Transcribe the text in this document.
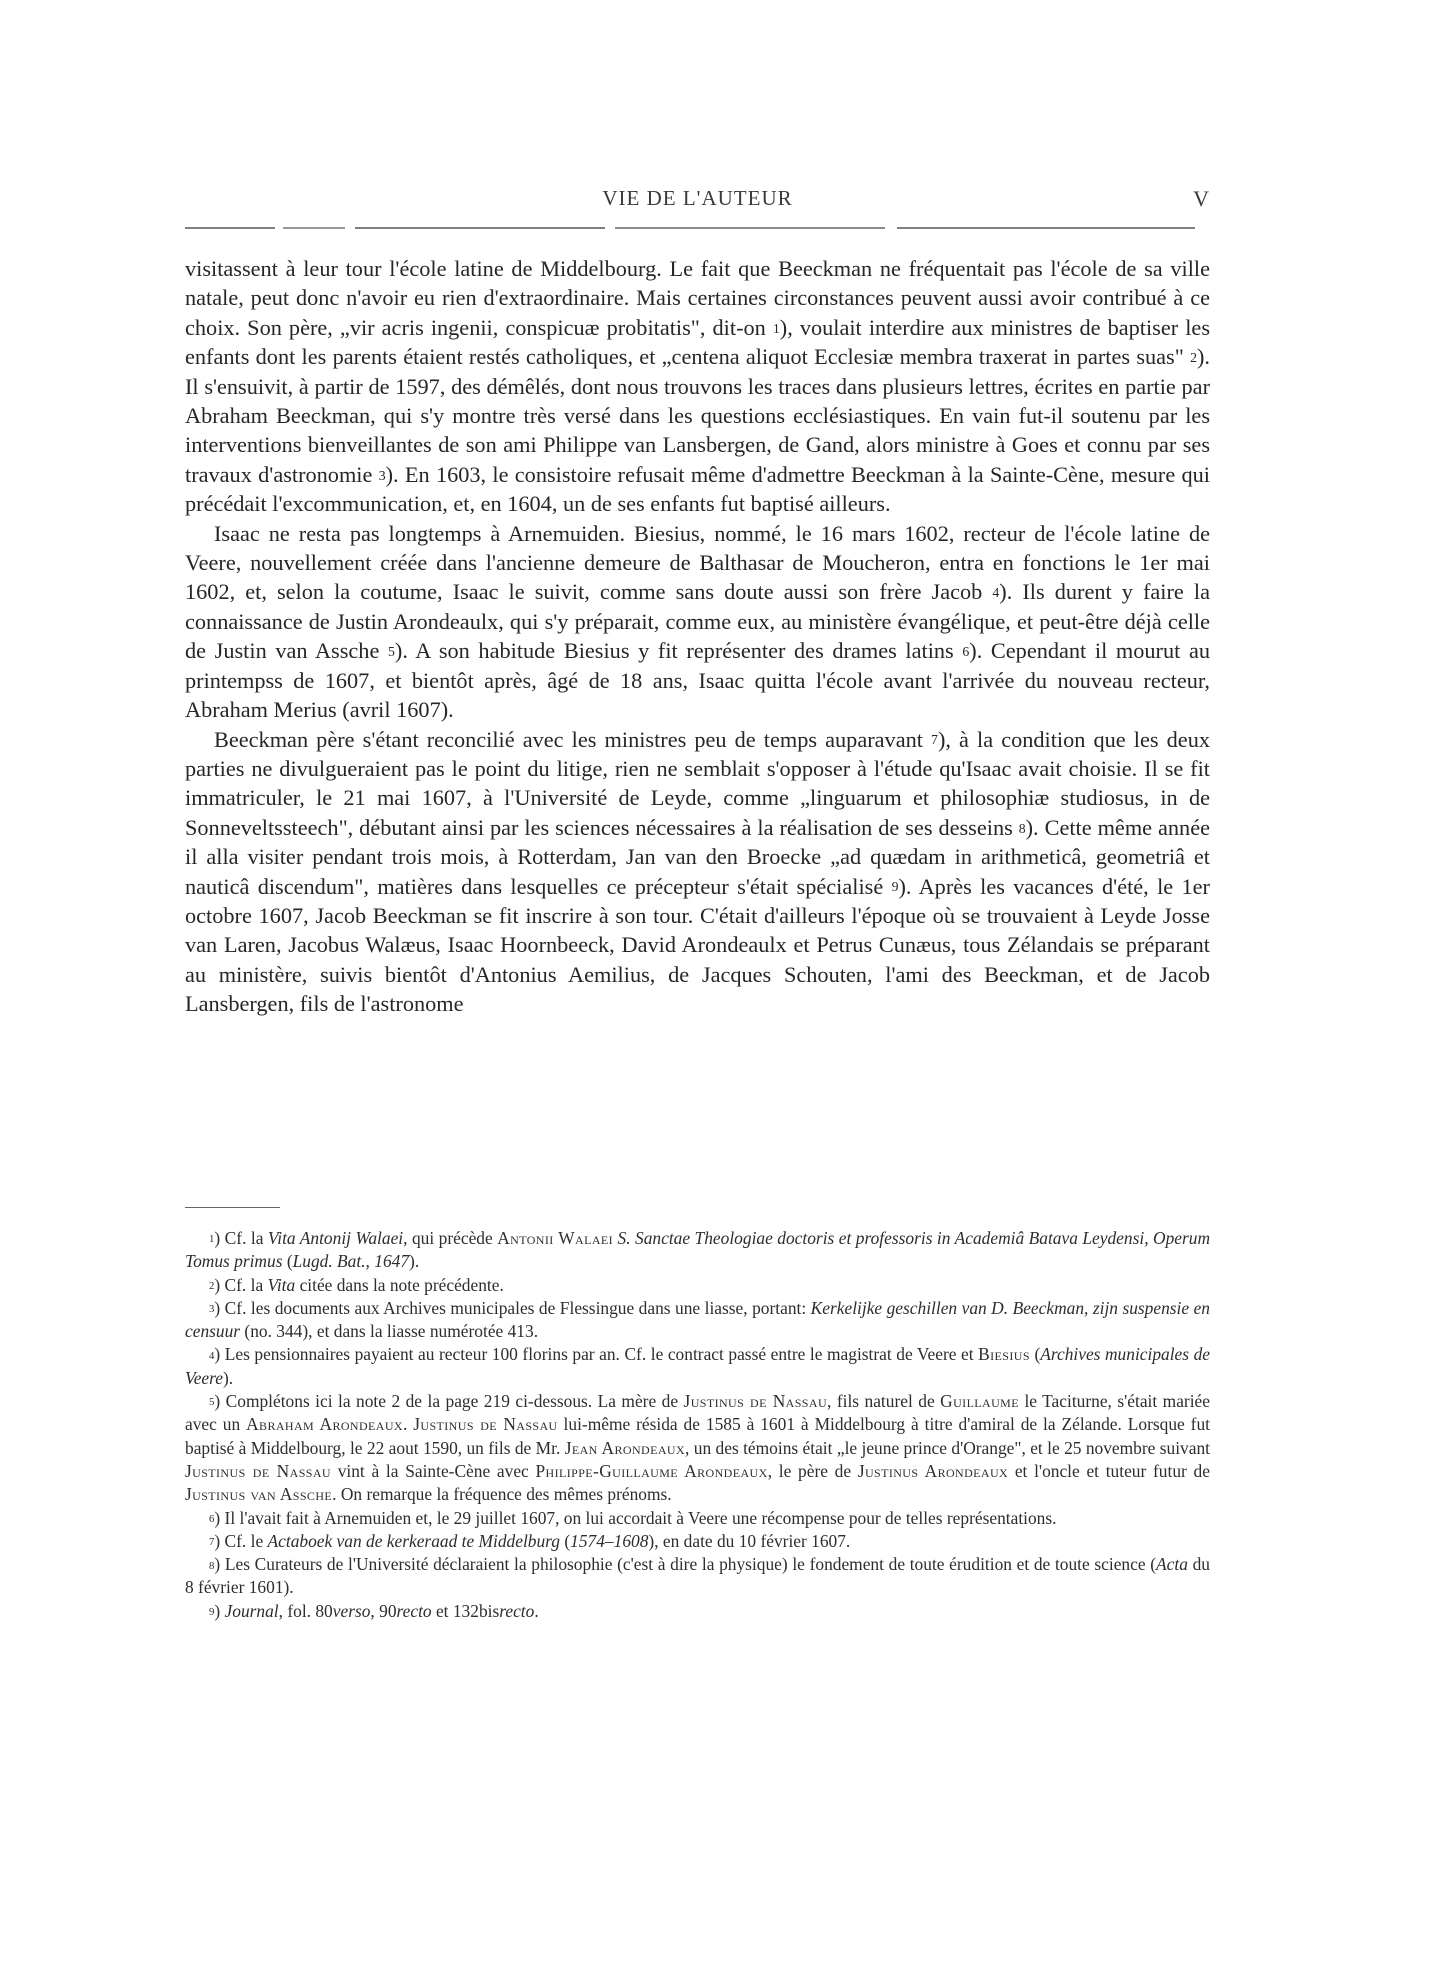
VIE DE L'AUTEUR	V

visitassent à leur tour l'école latine de Middelbourg. Le fait que Beeckman ne fréquentait pas l'école de sa ville natale, peut donc n'avoir eu rien d'extraordinaire. Mais certaines circonstances peuvent aussi avoir contribué à ce choix. Son père, „vir acris ingenii, conspicuæ probitatis", dit-on $^1$), voulait interdire aux ministres de baptiser les enfants dont les parents étaient restés catholiques, et „centena aliquot Ecclesiæ membra traxerat in partes suas" $^2$). Il s'ensuivit, à partir de 1597, des démêlés, dont nous trouvons les traces dans plusieurs lettres, écrites en partie par Abraham Beeckman, qui s'y montre très versé dans les questions ecclésiastiques. En vain fut-il soutenu par les interventions bienveillantes de son ami Philippe van Lansbergen, de Gand, alors ministre à Goes et connu par ses travaux d'astronomie $^3$). En 1603, le consistoire refusait même d'admettre Beeckman à la Sainte-Cène, mesure qui précédait l'excommunication, et, en 1604, un de ses enfants fut baptisé ailleurs.

Isaac ne resta pas longtemps à Arnemuiden. Biesius, nommé, le 16 mars 1602, recteur de l'école latine de Veere, nouvellement créée dans l'ancienne demeure de Balthasar de Moucheron, entra en fonctions le 1er mai 1602, et, selon la coutume, Isaac le suivit, comme sans doute aussi son frère Jacob $^4$). Ils durent y faire la connaissance de Justin Arondeaulx, qui s'y préparait, comme eux, au ministère évangélique, et peut-être déjà celle de Justin van Assche $^5$). A son habitude Biesius y fit représenter des drames latins $^6$). Cependant il mourut au printempss de 1607, et bientôt après, âgé de 18 ans, Isaac quitta l'école avant l'arrivée du nouveau recteur, Abraham Merius (avril 1607).

Beeckman père s'étant reconcilié avec les ministres peu de temps auparavant $^7$), à la condition que les deux parties ne divulgueraient pas le point du litige, rien ne semblait s'opposer à l'étude qu'Isaac avait choisie. Il se fit immatriculer, le 21 mai 1607, à l'Université de Leyde, comme „linguarum et philosophiæ studiosus, in de Sonneveltssteech", débutant ainsi par les sciences nécessaires à la réalisation de ses desseins $^8$). Cette même année il alla visiter pendant trois mois, à Rotterdam, Jan van den Broecke „ad quædam in arithmeticâ, geometriâ et nauticâ discendum", matières dans lesquelles ce précepteur s'était spécialisé $^9$). Après les vacances d'été, le 1er octobre 1607, Jacob Beeckman se fit inscrire à son tour. C'était d'ailleurs l'époque où se trouvaient à Leyde Josse van Laren, Jacobus Walæus, Isaac Hoornbeeck, David Arondeaulx et Petrus Cunæus, tous Zélandais se préparant au ministère, suivis bientôt d'Antonius Aemilius, de Jacques Schouten, l'ami des Beeckman, et de Jacob Lansbergen, fils de l'astronome

$^1$) Cf. la Vita Antonij Walaei, qui précède Antonii Walaei S. Sanctae Theologiae doctoris et professoris in Academiâ Batava Leydensi, Operum Tomus primus (Lugd. Bat., 1647).

$^2$) Cf. la Vita citée dans la note précédente.

$^3$) Cf. les documents aux Archives municipales de Flessingue dans une liasse, portant: Kerkelijke geschillen van D. Beeckman, zijn suspensie en censuur (no. 344), et dans la liasse numérotée 413.

$^4$) Les pensionnaires payaient au recteur 100 florins par an. Cf. le contract passé entre le magistrat de Veere et Biesius (Archives municipales de Veere).

$^5$) Complétons ici la note 2 de la page 219 ci-dessous. La mère de Justinus de Nassau, fils naturel de Guillaume le Taciturne, s'était mariée avec un Abraham Arondeaux. Justinus de Nassau lui-même résida de 1585 à 1601 à Middelbourg à titre d'amiral de la Zélande. Lorsque fut baptisé à Middelbourg, le 22 aout 1590, un fils de Mr. Jean Arondeaux, un des témoins était „le jeune prince d'Orange", et le 25 novembre suivant Justinus de Nassau vint à la Sainte-Cène avec Philippe-Guillaume Arondeaux, le père de Justinus Arondeaux et l'oncle et tuteur futur de Justinus van Assche. On remarque la fréquence des mêmes prénoms.

$^6$) Il l'avait fait à Arnemuiden et, le 29 juillet 1607, on lui accordait à Veere une récompense pour de telles représentations.

$^7$) Cf. le Actaboek van de kerkeraad te Middelburg (1574–1608), en date du 10 février 1607.

$^8$) Les Curateurs de l'Université déclaraient la philosophie (c'est à dire la physique) le fondement de toute érudition et de toute science (Acta du 8 février 1601).

$^9$) Journal, fol. 80verso, 90recto et 132bisrecto.
